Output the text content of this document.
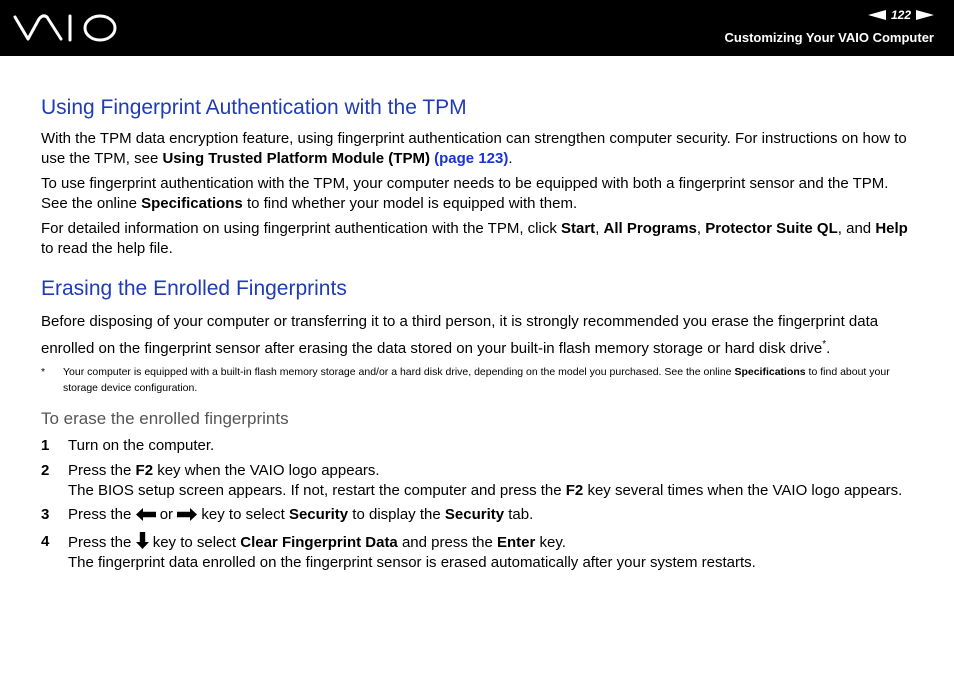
122
Customizing Your VAIO Computer
Using Fingerprint Authentication with the TPM

With the TPM data encryption feature, using fingerprint authentication can strengthen computer security. For instructions on how to use the TPM, see Using Trusted Platform Module (TPM) (page 123).

To use fingerprint authentication with the TPM, your computer needs to be equipped with both a fingerprint sensor and the TPM. See the online Specifications to find whether your model is equipped with them.

For detailed information on using fingerprint authentication with the TPM, click Start, All Programs, Protector Suite QL, and Help to read the help file.

Erasing the Enrolled Fingerprints

Before disposing of your computer or transferring it to a third person, it is strongly recommended you erase the fingerprint data enrolled on the fingerprint sensor after erasing the data stored on your built-in flash memory storage or hard disk drive*.

*	Your computer is equipped with a built-in flash memory storage and/or a hard disk drive, depending on the model you purchased. See the online Specifications to find about your storage device configuration.
To erase the enrolled fingerprints
1	Turn on the computer.
2	Press the F2 key when the VAIO logo appears.
The BIOS setup screen appears. If not, restart the computer and press the F2 key several times when the VAIO logo appears.
3	Press the  or  key to select Security to display the Security tab.
4	Press the  key to select Clear Fingerprint Data and press the Enter key.
The fingerprint data enrolled on the fingerprint sensor is erased automatically after your system restarts.
